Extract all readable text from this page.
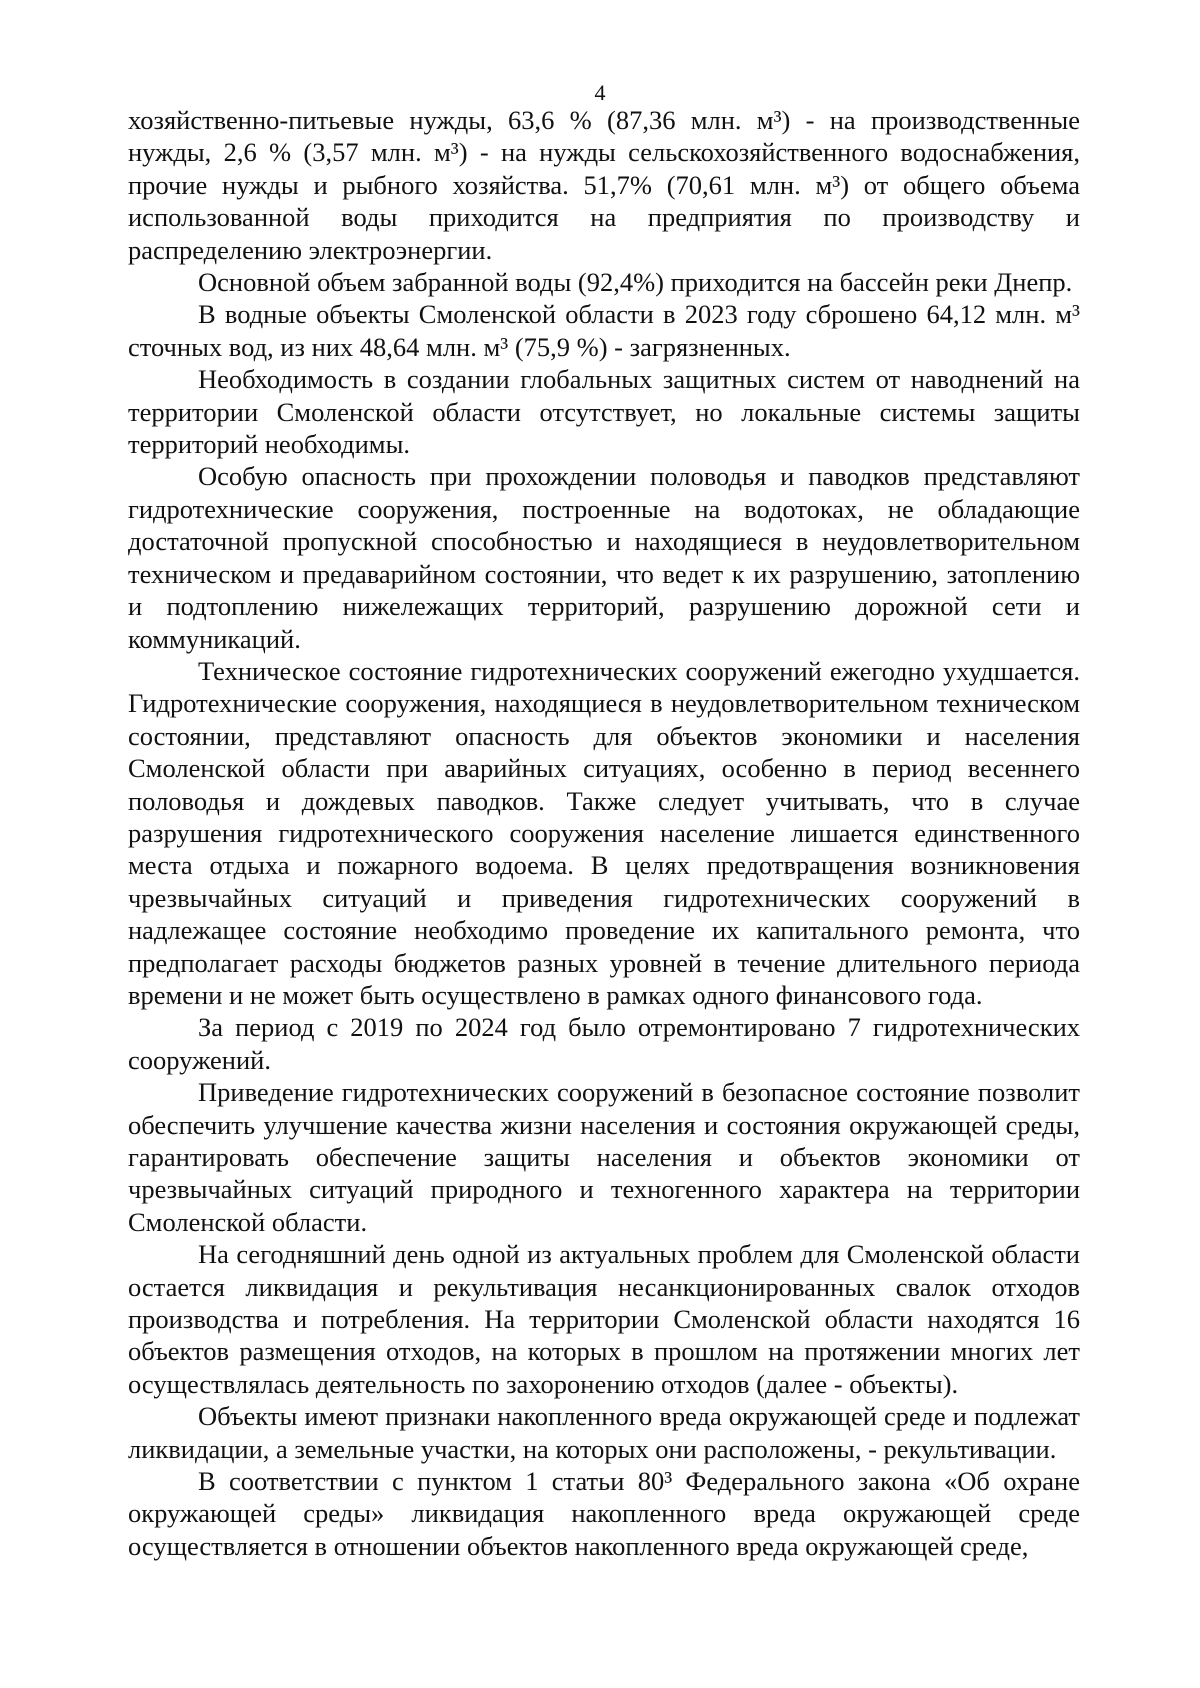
4

хозяйственно-питьевые нужды, 63,6 % (87,36 млн. м³) - на производственные нужды, 2,6 % (3,57 млн. м³) - на нужды сельскохозяйственного водоснабжения, прочие нужды и рыбного хозяйства. 51,7% (70,61 млн. м³) от общего объема использованной воды приходится на предприятия по производству и распределению электроэнергии.

Основной объем забранной воды (92,4%) приходится на бассейн реки Днепр.

В водные объекты Смоленской области в 2023 году сброшено 64,12 млн. м³ сточных вод, из них 48,64 млн. м³ (75,9 %) - загрязненных.

Необходимость в создании глобальных защитных систем от наводнений на территории Смоленской области отсутствует, но локальные системы защиты территорий необходимы.

Особую опасность при прохождении половодья и паводков представляют гидротехнические сооружения, построенные на водотоках, не обладающие достаточной пропускной способностью и находящиеся в неудовлетворительном техническом и предаварийном состоянии, что ведет к их разрушению, затоплению и подтоплению нижележащих территорий, разрушению дорожной сети и коммуникаций.

Техническое состояние гидротехнических сооружений ежегодно ухудшается. Гидротехнические сооружения, находящиеся в неудовлетворительном техническом состоянии, представляют опасность для объектов экономики и населения Смоленской области при аварийных ситуациях, особенно в период весеннего половодья и дождевых паводков. Также следует учитывать, что в случае разрушения гидротехнического сооружения население лишается единственного места отдыха и пожарного водоема. В целях предотвращения возникновения чрезвычайных ситуаций и приведения гидротехнических сооружений в надлежащее состояние необходимо проведение их капитального ремонта, что предполагает расходы бюджетов разных уровней в течение длительного периода времени и не может быть осуществлено в рамках одного финансового года.

За период с 2019 по 2024 год было отремонтировано 7 гидротехнических сооружений.

Приведение гидротехнических сооружений в безопасное состояние позволит обеспечить улучшение качества жизни населения и состояния окружающей среды, гарантировать обеспечение защиты населения и объектов экономики от чрезвычайных ситуаций природного и техногенного характера на территории Смоленской области.

На сегодняшний день одной из актуальных проблем для Смоленской области остается ликвидация и рекультивация несанкционированных свалок отходов производства и потребления. На территории Смоленской области находятся 16 объектов размещения отходов, на которых в прошлом на протяжении многих лет осуществлялась деятельность по захоронению отходов (далее - объекты).

Объекты имеют признаки накопленного вреда окружающей среде и подлежат ликвидации, а земельные участки, на которых они расположены, - рекультивации.

В соответствии с пунктом 1 статьи 80³ Федерального закона «Об охране окружающей среды» ликвидация накопленного вреда окружающей среде осуществляется в отношении объектов накопленного вреда окружающей среде,
